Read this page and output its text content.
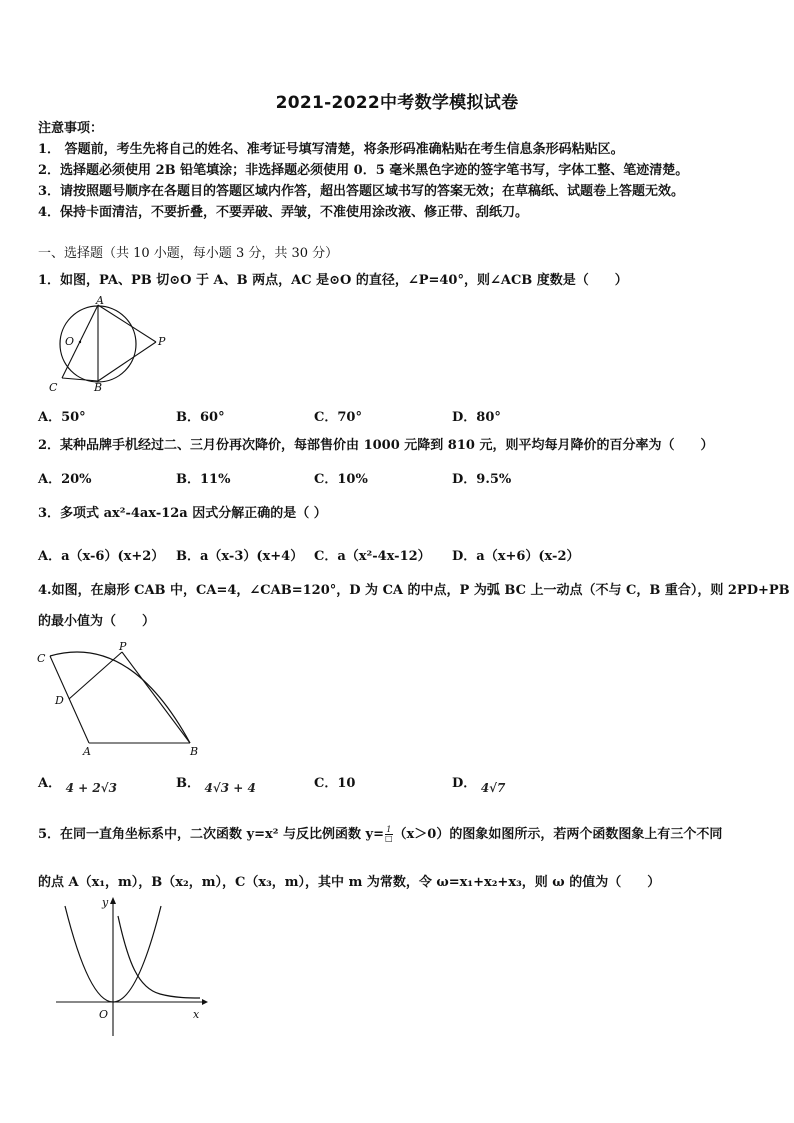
2021-2022中考数学模拟试卷
注意事项：
1． 答题前，考生先将自己的姓名、准考证号填写清楚，将条形码准确粘贴在考生信息条形码粘贴区。
2．选择题必须使用 2B 铅笔填涂；非选择题必须使用 0．5 毫米黑色字迹的签字笔书写，字体工整、笔迹清楚。
3．请按照题号顺序在各题目的答题区域内作答，超出答题区域书写的答案无效；在草稿纸、试题卷上答题无效。
4．保持卡面清洁，不要折叠，不要弄破、弄皱，不准使用涂改液、修正带、刮纸刀。
一、选择题（共 10 小题，每小题 3 分，共 30 分）
1．如图，PA、PB 切⊙O 于 A、B 两点，AC 是⊙O 的直径，∠P=40°，则∠ACB 度数是（　　）
A
B
C
O	P
A．50°	B．60°	C．70°	D．80°
2．某种品牌手机经过二、三月份再次降价，每部售价由 1000 元降到 810 元，则平均每月降价的百分率为（　　）
A．20%	B．11%	C．10%	D．9.5%
3．多项式 ax²-4ax-12a 因式分解正确的是（ ）
A．a（x-6）(x+2） B．a（x-3）(x+4） C．a（x²-4x-12） D．a（x+6）(x-2）
4.如图，在扇形 CAB 中，CA=4，∠CAB=120°，D 为 CA 的中点，P 为弧 BC 上一动点（不与 C，B 重合），则 2PD+PB
的最小值为（　　）
C
P
D
A	B
A． 4 + 2√3	B． 4√3 + 4	C．10	D． 4√7
5．在同一直角坐标系中，二次函数 y=x² 与反比例函数 y= 1
□ （x＞0）的图象如图所示，若两个函数图象上有三个不同
的点 A（x₁，m），B（x₂，m），C（x₃，m），其中 m 为常数，令 ω=x₁+x₂+x₃，则 ω 的值为（　　）
y
x
O
